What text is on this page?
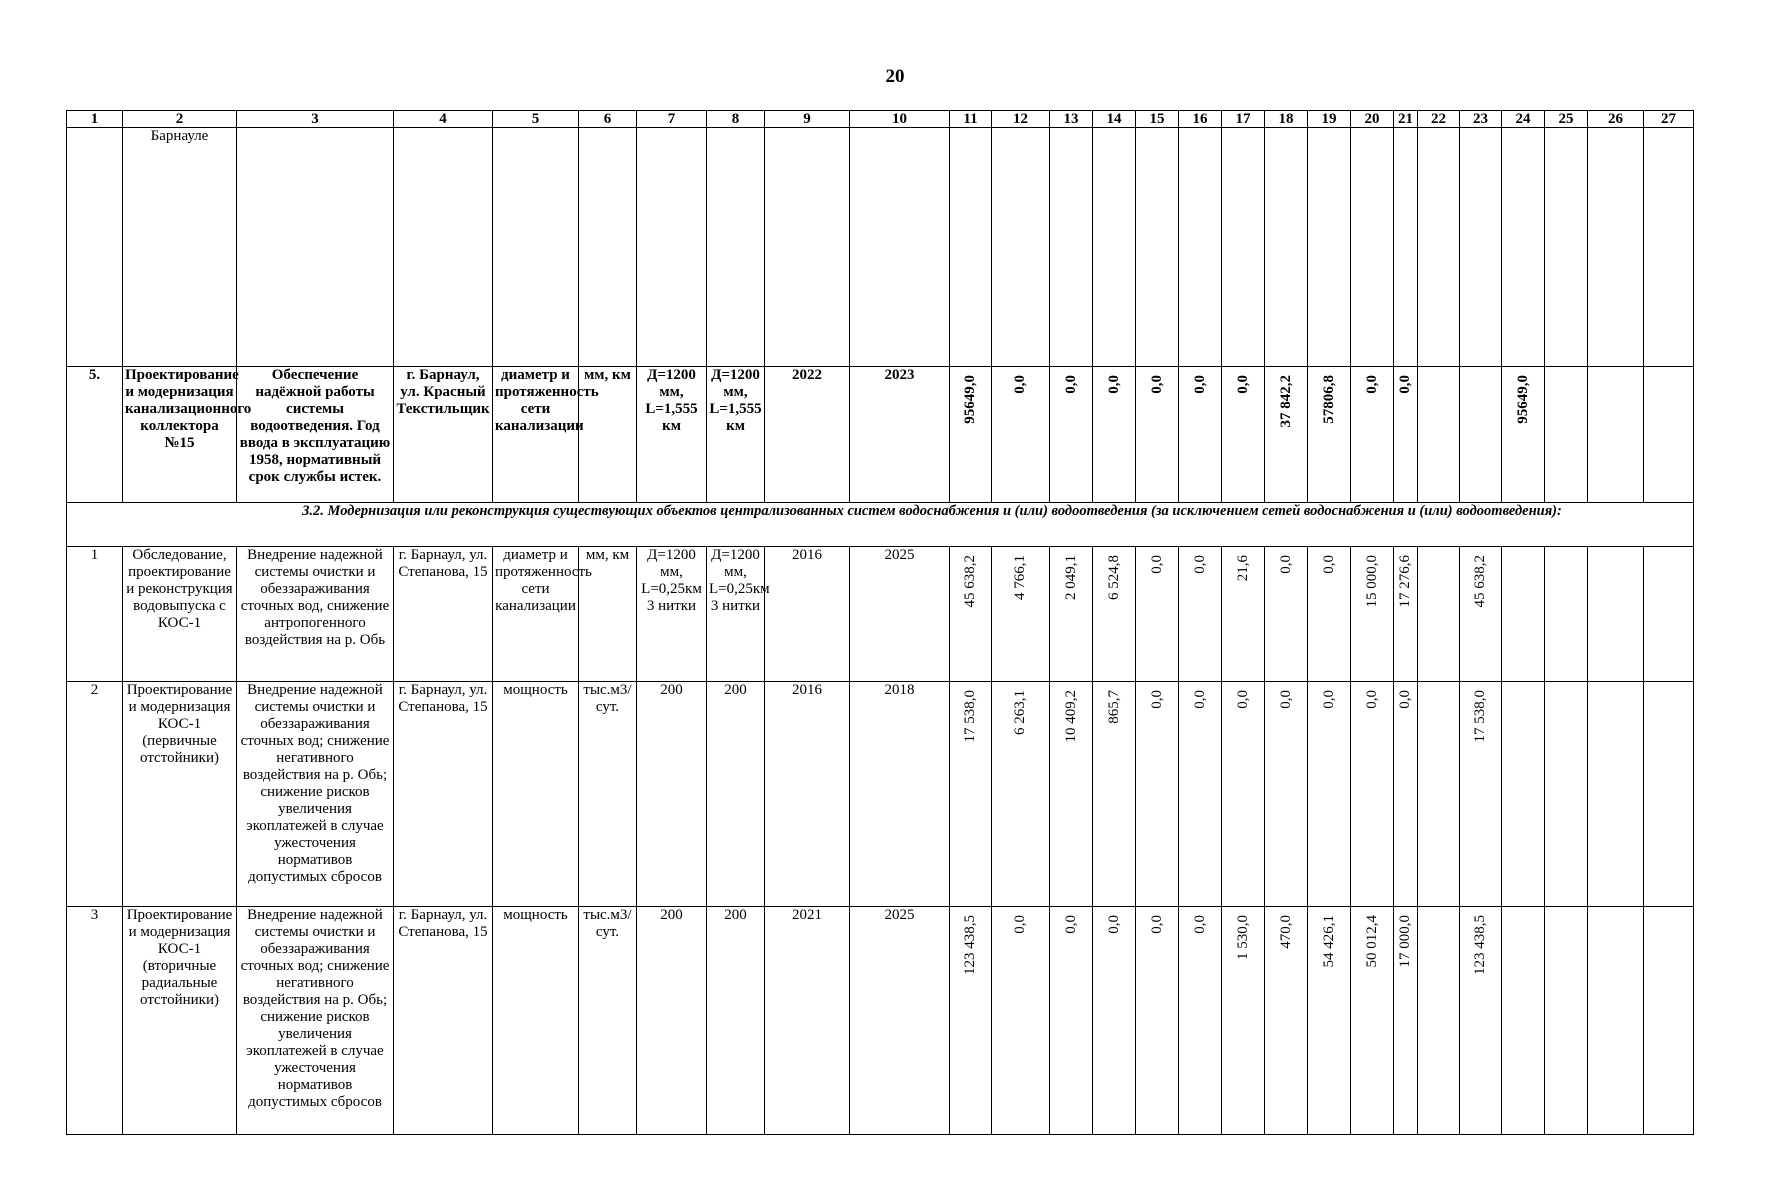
20
1	2	3	4	5	6	7	8	9	10	11	12	13	14	15	16	17	18	19	20	21	22	23	24	25	26	27
	Барнауле																									
5.	Проектирование и модернизация канализационного коллектора №15	Обеспечение надёжной работы системы водоотведения. Год ввода в эксплуатацию 1958, нормативный срок службы истек.	г. Барнаул, ул. Красный Текстильщик	диаметр и протяженность сети канализации	мм, км	Д=1200 мм, L=1,555 км	Д=1200 мм, L=1,555 км	2022	2023	95649,0	0,0	0,0	0,0	0,0	0,0	0,0	37 842,2	57806,8	0,0	0,0			95649,0			
3.2. Модернизация или реконструкция существующих объектов централизованных систем водоснабжения и (или) водоотведения (за исключением сетей водоснабжения и (или) водоотведения):																										
1	Обследование, проектирование и реконструкция водовыпуска с КОС-1	Внедрение надежной системы очистки и обеззараживания сточных вод, снижение антропогенного воздействия на р. Обь	г. Барнаул, ул. Степанова, 15	диаметр и протяженность сети канализации	мм, км	Д=1200 мм, L=0,25км 3 нитки	Д=1200 мм, L=0,25км 3 нитки	2016	2025	45 638,2	4 766,1	2 049,1	6 524,8	0,0	0,0	21,6	0,0	0,0	15 000,0	17 276,6		45 638,2				
2	Проектирование и модернизация КОС-1 (первичные отстойники)	Внедрение надежной системы очистки и обеззараживания сточных вод; снижение негативного воздействия на р. Обь; снижение рисков увеличения экоплатежей в случае ужесточения нормативов допустимых сбросов	г. Барнаул, ул. Степанова, 15	мощность	тыс.м3/ сут.	200	200	2016	2018	17 538,0	6 263,1	10 409,2	865,7	0,0	0,0	0,0	0,0	0,0	0,0	0,0		17 538,0				
3	Проектирование и модернизация КОС-1 (вторичные радиальные отстойники)	Внедрение надежной системы очистки и обеззараживания сточных вод; снижение негативного воздействия на р. Обь; снижение рисков увеличения экоплатежей в случае ужесточения нормативов допустимых сбросов	г. Барнаул, ул. Степанова, 15	мощность	тыс.м3/ сут.	200	200	2021	2025	123 438,5	0,0	0,0	0,0	0,0	0,0	1 530,0	470,0	54 426,1	50 012,4	17 000,0		123 438,5				
